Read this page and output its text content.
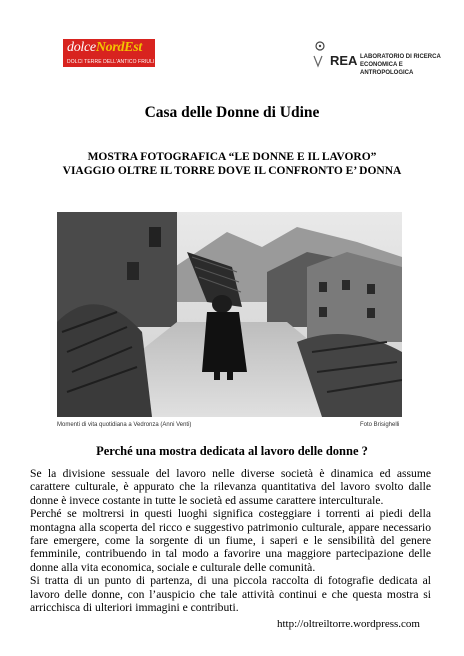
dolceNordEst
DOLCI TERRE DELL'ANTICO FRIULI	REA LABORATORIO DI RICERCA
ECONOMICA E ANTROPOLOGICA
Casa delle Donne di Udine
MOSTRA FOTOGRAFICA “LE DONNE E IL LAVORO”
VIAGGIO OLTRE IL TORRE DOVE IL CONFRONTO E’ DONNA
Momenti di vita quotidiana a Vedronza (Anni Venti)	Foto Brisighelli
Perché una mostra dedicata al lavoro delle donne ?

Se la divisione sessuale del lavoro nelle diverse società è dinamica ed assume carattere culturale, è appurato che la rilevanza quantitativa del lavoro svolto dalle donne è invece costante in tutte le società ed assume carattere interculturale.

Perché se moltrersi in questi luoghi significa costeggiare i torrenti ai piedi della montagna alla scoperta del ricco e suggestivo patrimonio culturale, appare necessario fare emergere, come la sorgente di un fiume, i saperi e le sensibilità del genere femminile, contribuendo in tal modo a favorire una maggiore partecipazione delle donne alla vita economica, sociale e culturale delle comunità.

Si tratta di un punto di partenza, di una piccola raccolta di fotografie dedicata al lavoro delle donne, con l’auspicio che tale attività continui e che questa mostra si arricchisca di ulteriori immagini e contributi.

http://oltreiltorre.wordpress.com
